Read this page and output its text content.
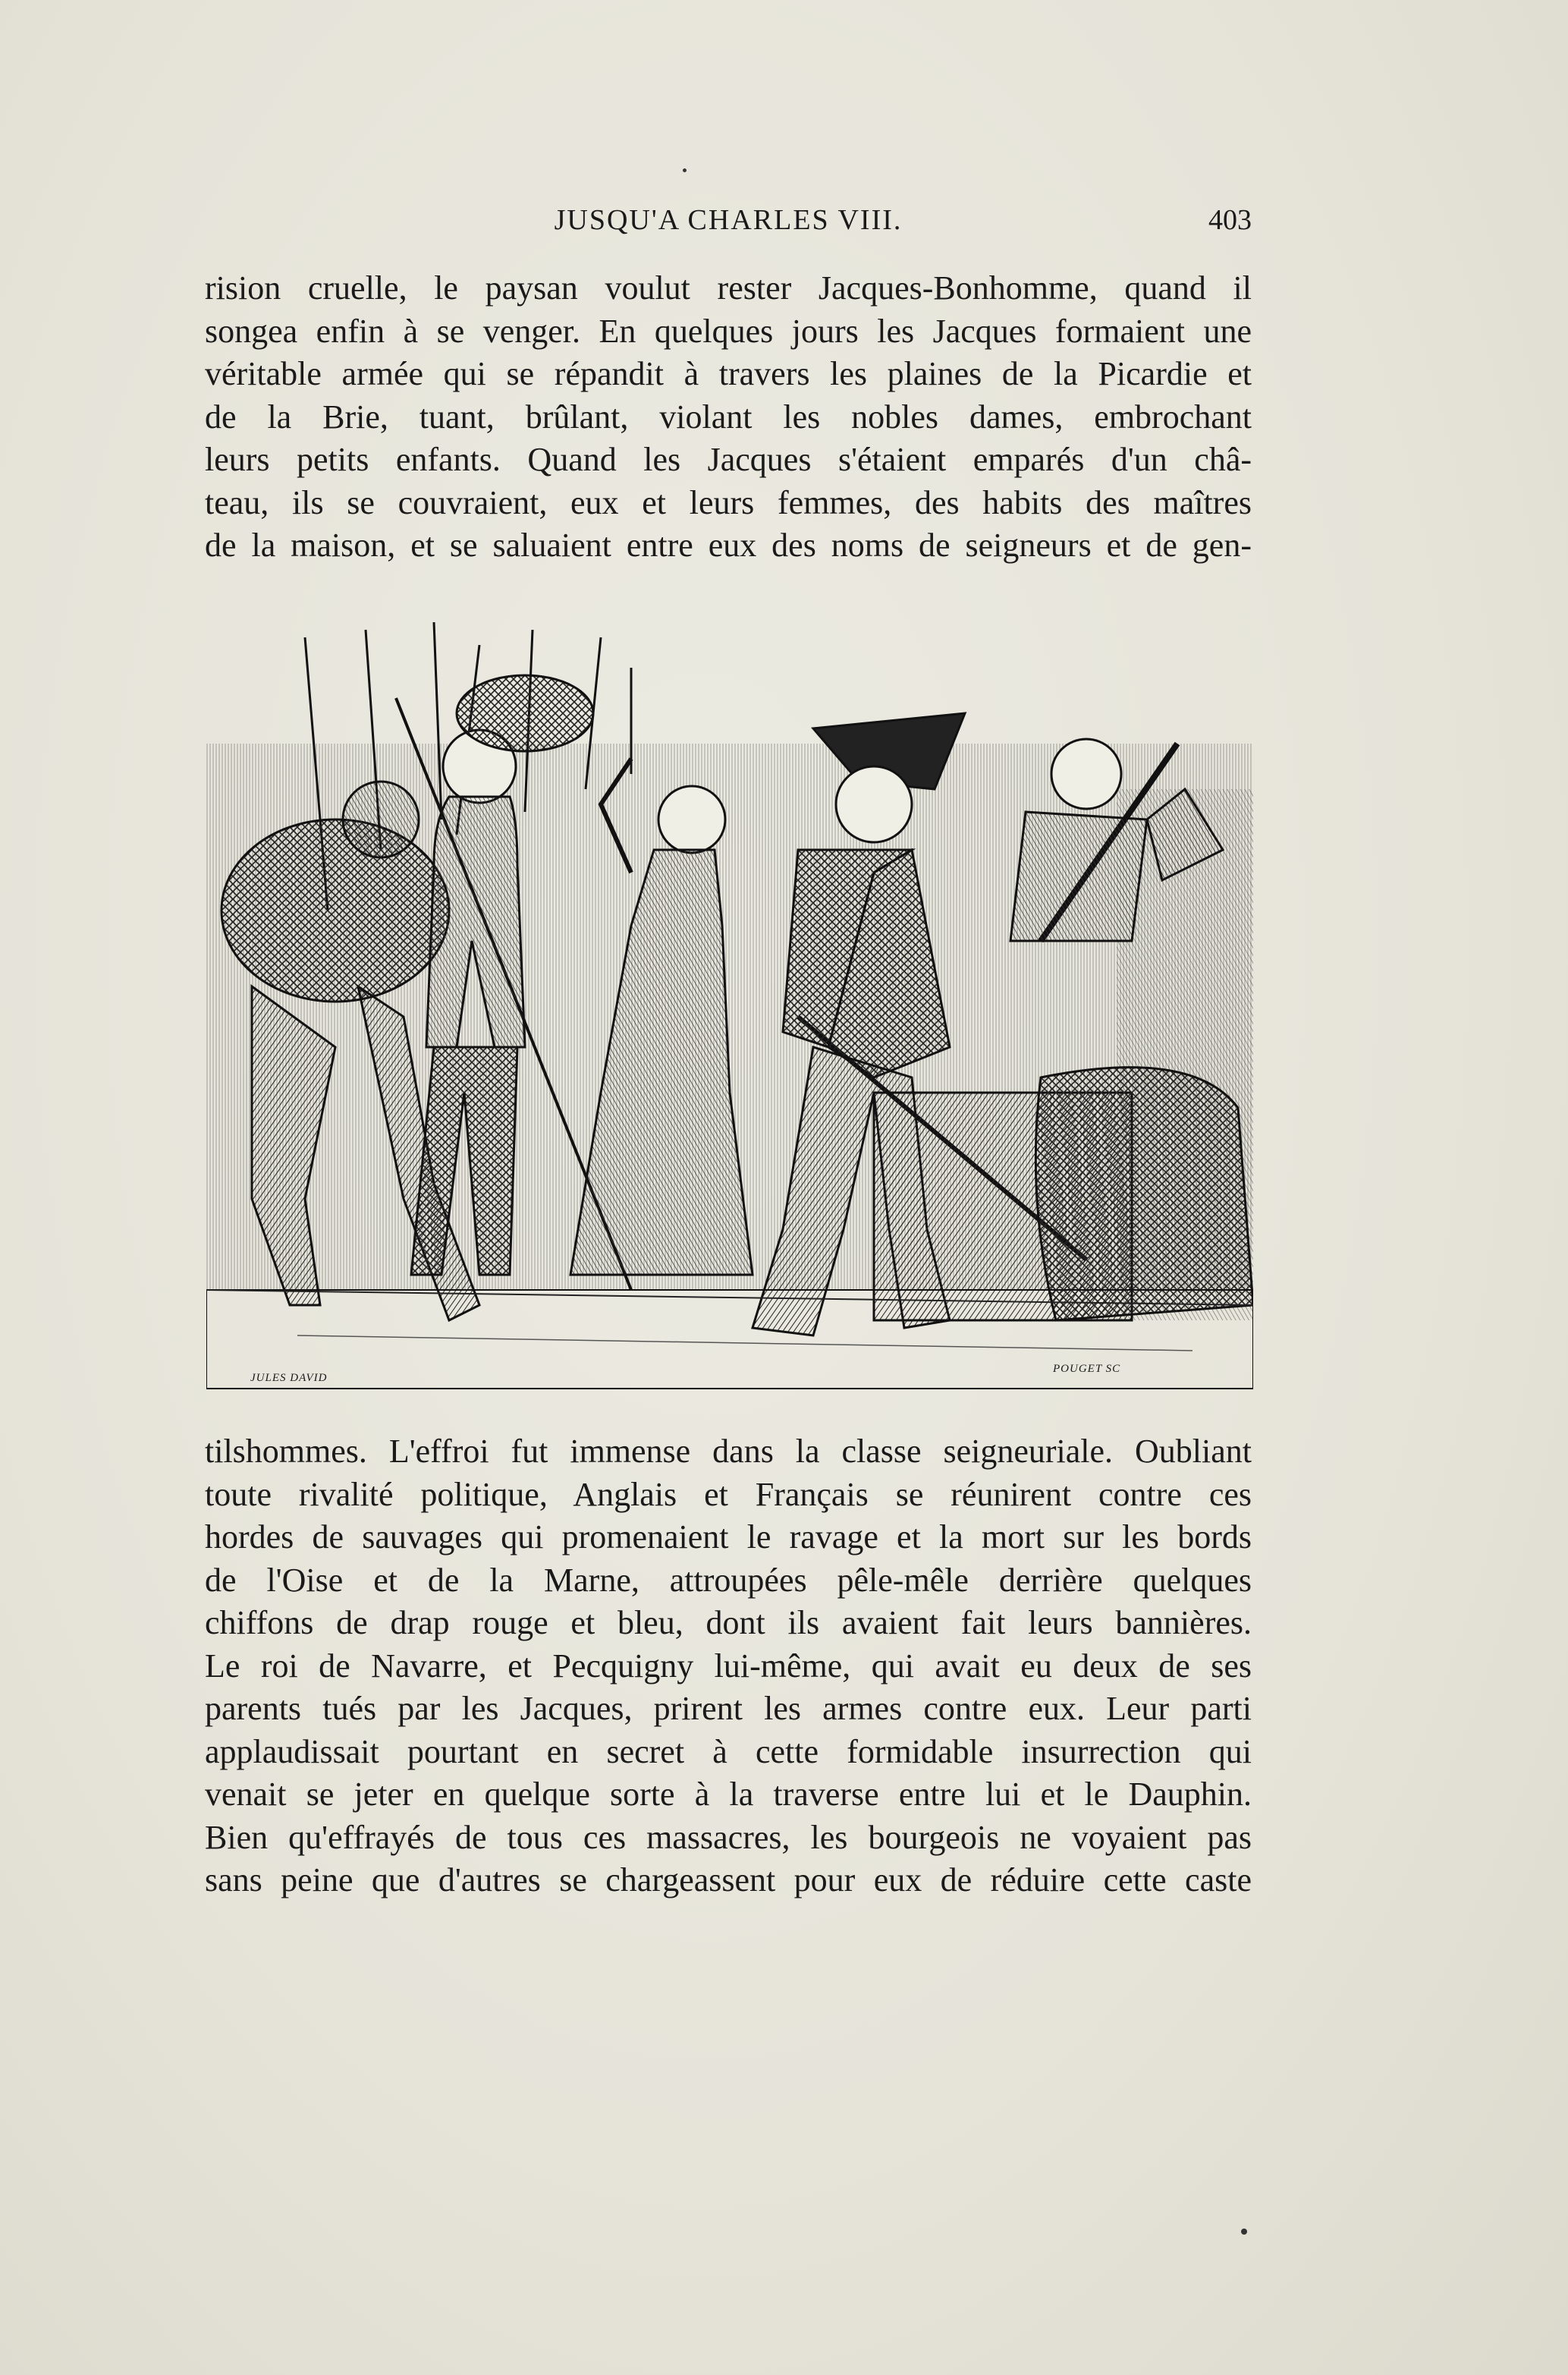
JUSQU'A CHARLES VIII.	403
rision cruelle, le paysan voulut rester Jacques-Bonhomme, quand il
songea enfin à se venger. En quelques jours les Jacques formaient une
véritable armée qui se répandit à travers les plaines de la Picardie et
de la Brie, tuant, brûlant, violant les nobles dames, embrochant
leurs petits enfants. Quand les Jacques s'étaient emparés d'un châ-
teau, ils se couvraient, eux et leurs femmes, des habits des maîtres
de la maison, et se saluaient entre eux des noms de seigneurs et de gen-
JULES DAVID
POUGET SC
tilshommes. L'effroi fut immense dans la classe seigneuriale. Oubliant
toute rivalité politique, Anglais et Français se réunirent contre ces
hordes de sauvages qui promenaient le ravage et la mort sur les bords
de l'Oise et de la Marne, attroupées pêle-mêle derrière quelques
chiffons de drap rouge et bleu, dont ils avaient fait leurs bannières.
Le roi de Navarre, et Pecquigny lui-même, qui avait eu deux de ses
parents tués par les Jacques, prirent les armes contre eux. Leur parti
applaudissait pourtant en secret à cette formidable insurrection qui
venait se jeter en quelque sorte à la traverse entre lui et le Dauphin.
Bien qu'effrayés de tous ces massacres, les bourgeois ne voyaient pas
sans peine que d'autres se chargeassent pour eux de réduire cette caste
